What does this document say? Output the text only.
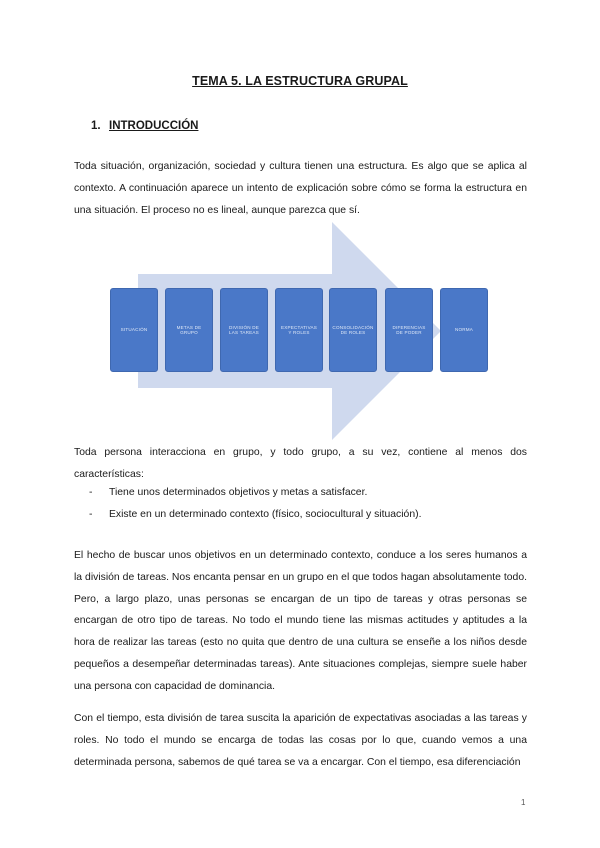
TEMA 5. LA ESTRUCTURA GRUPAL
1. INTRODUCCIÓN

Toda situación, organización, sociedad y cultura tienen una estructura. Es algo que se aplica al contexto. A continuación aparece un intento de explicación sobre cómo se forma la estructura en una situación. El proceso no es lineal, aunque parezca que sí.

SITUACIÓN
METAS DE GRUPO
DIVISIÓN DE LAS TAREAS
EXPECTATIVAS Y ROLES
CONSOLIDACIÓN DE ROLES
DIFERENCIAS DE PODER
NORMA

Toda persona interacciona en grupo, y todo grupo, a su vez, contiene al menos dos características:

- Tiene unos determinados objetivos y metas a satisfacer.
- Existe en un determinado contexto (físico, sociocultural y situación).

El hecho de buscar unos objetivos en un determinado contexto, conduce a los seres humanos a la división de tareas. Nos encanta pensar en un grupo en el que todos hagan absolutamente todo. Pero, a largo plazo, unas personas se encargan de un tipo de tareas y otras personas se encargan de otro tipo de tareas. No todo el mundo tiene las mismas actitudes y aptitudes a la hora de realizar las tareas (esto no quita que dentro de una cultura se enseñe a los niños desde pequeños a desempeñar determinadas tareas). Ante situaciones complejas, siempre suele haber una persona con capacidad de dominancia.

Con el tiempo, esta división de tarea suscita la aparición de expectativas asociadas a las tareas y roles. No todo el mundo se encarga de todas las cosas por lo que, cuando vemos a una determinada persona, sabemos de qué tarea se va a encargar. Con el tiempo, esa diferenciación

1
